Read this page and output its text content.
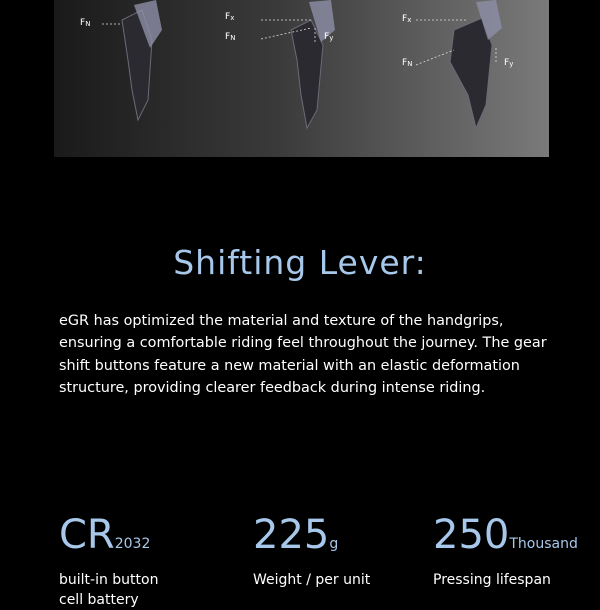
$F_N$
$F_x$
$F_N$	$F_y$
$F_x$
$F_N$	$F_y$
Shifting Lever:
eGR has optimized the material and texture of the handgrips, ensuring a comfortable riding feel throughout the journey. The gear shift buttons feature a new material with an elastic deformation structure, providing clearer feedback during intense riding.
CR2032
built-in button
cell battery
225g
Weight / per unit
250Thousand
Pressing lifespan
